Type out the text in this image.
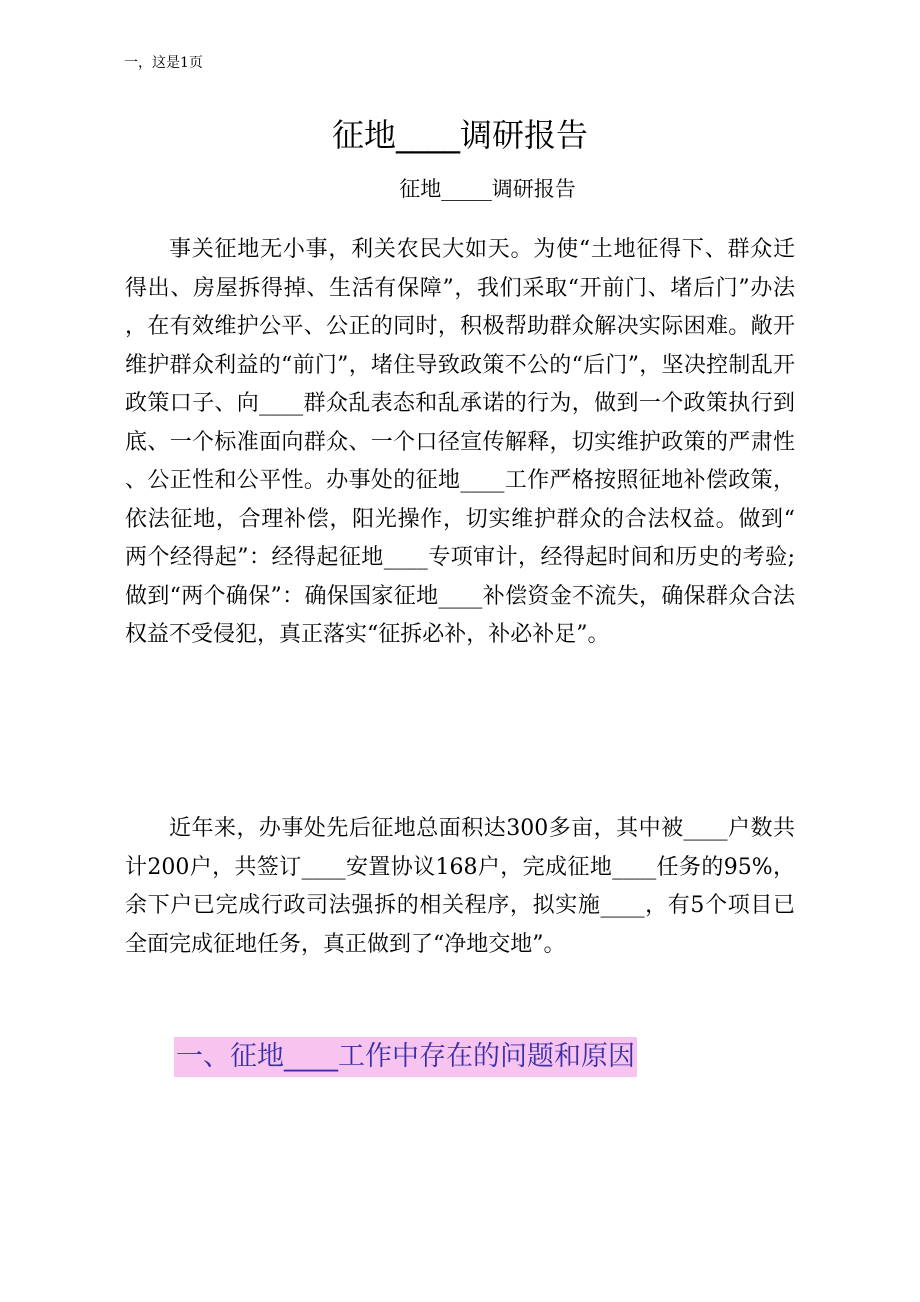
一，这是1页
征地____调研报告
征地____调研报告

事关征地无小事，利关农民大如天。为使“土地征得下、群众迁得出、房屋拆得掉、生活有保障”，我们采取“开前门、堵后门”办法，在有效维护公平、公正的同时，积极帮助群众解决实际困难。敞开维护群众利益的“前门”，堵住导致政策不公的“后门”，坚决控制乱开政策口子、向____群众乱表态和乱承诺的行为，做到一个政策执行到底、一个标准面向群众、一个口径宣传解释，切实维护政策的严肃性、公正性和公平性。办事处的征地____工作严格按照征地补偿政策，依法征地，合理补偿，阳光操作，切实维护群众的合法权益。做到“两个经得起”：经得起征地____专项审计，经得起时间和历史的考验;做到“两个确保”：确保国家征地____补偿资金不流失，确保群众合法权益不受侵犯，真正落实“征拆必补，补必补足”。

近年来，办事处先后征地总面积达300多亩，其中被____户数共计200户，共签订____安置协议168户，完成征地____任务的95%，余下户已完成行政司法强拆的相关程序，拟实施____，有5个项目已全面完成征地任务，真正做到了“净地交地”。

一、征地____工作中存在的问题和原因
